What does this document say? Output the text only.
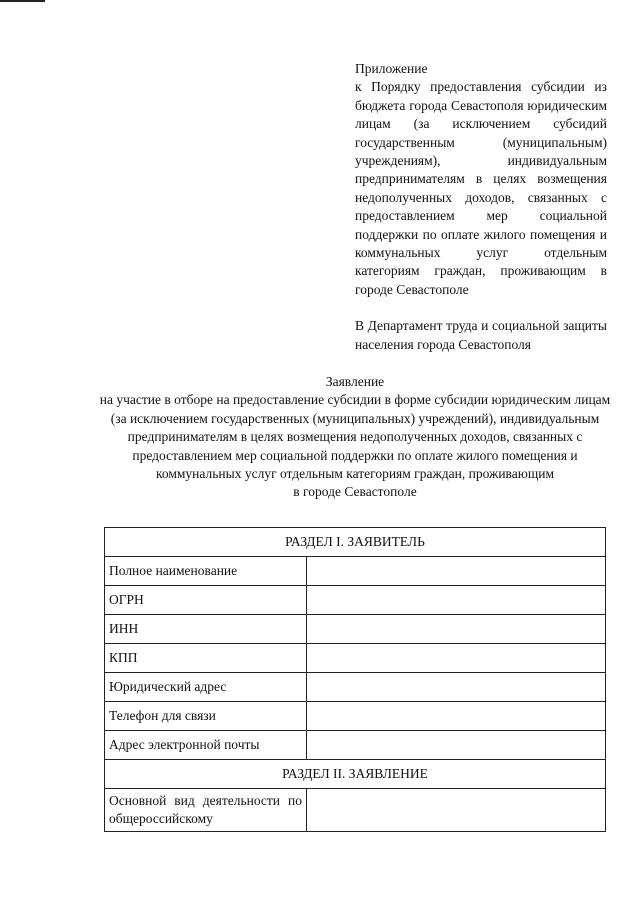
Приложение
к Порядку предоставления субсидии из бюджета города Севастополя юридическим лицам (за исключением субсидий государственным (муниципальным) учреждениям), индивидуальным предпринимателям в целях возмещения недополученных доходов, связанных с предоставлением мер социальной поддержки по оплате жилого помещения и коммунальных услуг отдельным категориям граждан, проживающим в городе Севастополе
В Департамент труда и социальной защиты населения города Севастополя
Заявление
на участие в отборе на предоставление субсидии в форме субсидии юридическим лицам (за исключением государственных (муниципальных) учреждений), индивидуальным предпринимателям в целях возмещения недополученных доходов, связанных с предоставлением мер социальной поддержки по оплате жилого помещения и коммунальных услуг отдельным категориям граждан, проживающим
в городе Севастополе
РАЗДЕЛ I. ЗАЯВИТЕЛЬ	
Полное наименование	
ОГРН	
ИНН	
КПП	
Юридический адрес	
Телефон для связи	
Адрес электронной почты	
РАЗДЕЛ II. ЗАЯВЛЕНИЕ	
Основной вид деятельности по общероссийскому	
